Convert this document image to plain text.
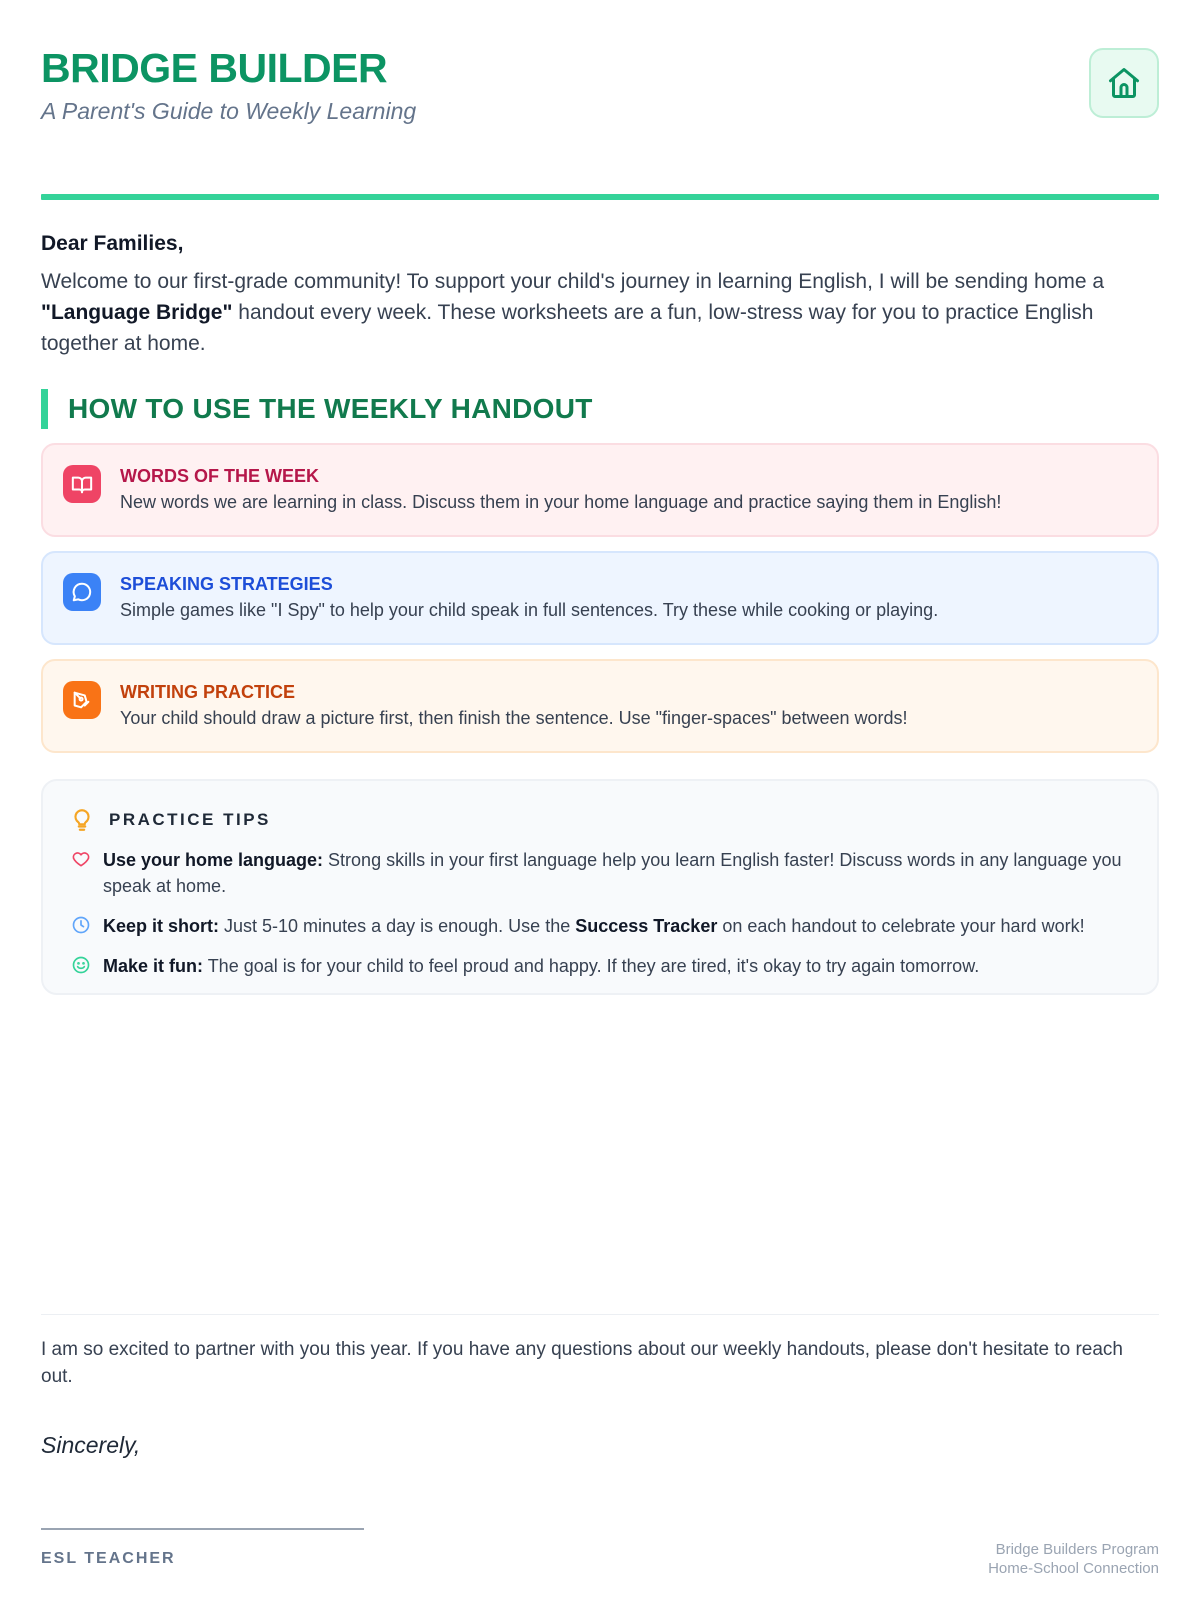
BRIDGE BUILDER
A Parent's Guide to Weekly Learning
Dear Families,
Welcome to our first-grade community! To support your child's journey in learning English, I will be sending home a "Language Bridge" handout every week. These worksheets are a fun, low-stress way for you to practice English together at home.
HOW TO USE THE WEEKLY HANDOUT
WORDS OF THE WEEK
New words we are learning in class. Discuss them in your home language and practice saying them in English!
SPEAKING STRATEGIES
Simple games like "I Spy" to help your child speak in full sentences. Try these while cooking or playing.
WRITING PRACTICE
Your child should draw a picture first, then finish the sentence. Use "finger-spaces" between words!
PRACTICE TIPS
Use your home language: Strong skills in your first language help you learn English faster! Discuss words in any language you speak at home.
Keep it short: Just 5-10 minutes a day is enough. Use the Success Tracker on each handout to celebrate your hard work!
Make it fun: The goal is for your child to feel proud and happy. If they are tired, it's okay to try again tomorrow.
I am so excited to partner with you this year. If you have any questions about our weekly handouts, please don't hesitate to reach out.
Sincerely,
ESL TEACHER
Bridge Builders Program
Home-School Connection
